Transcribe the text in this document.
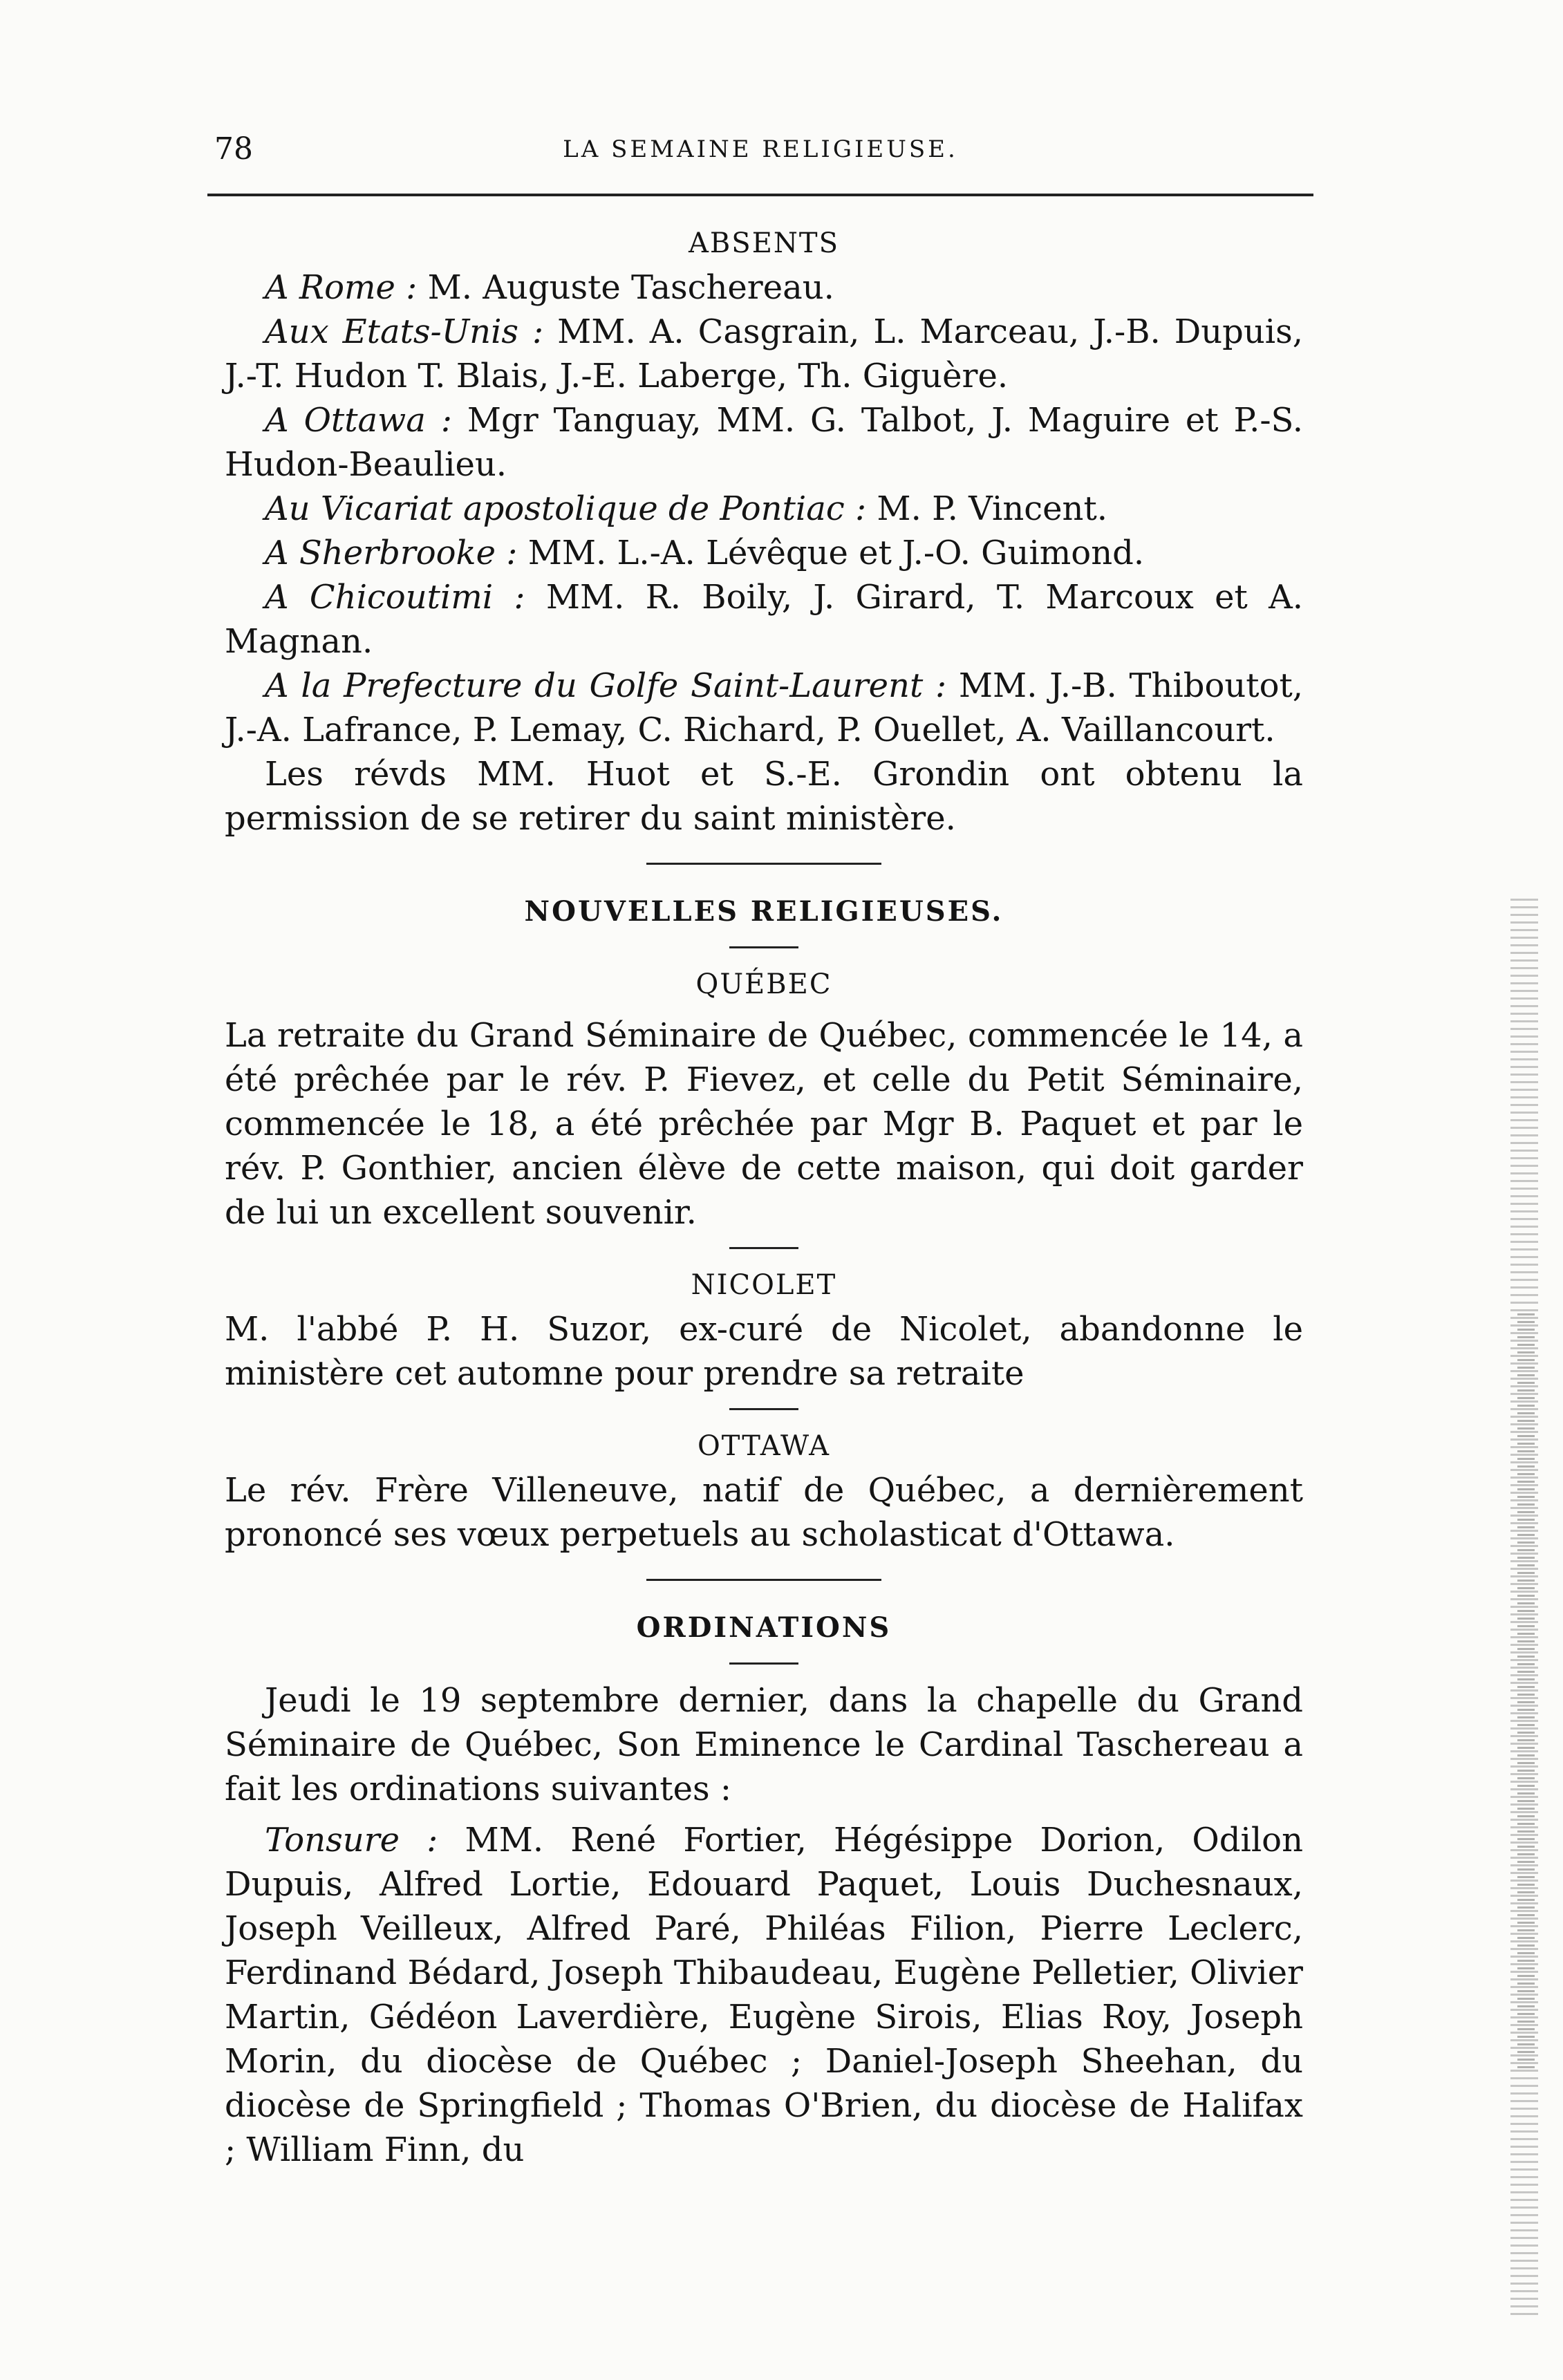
78	LA SEMAINE RELIGIEUSE.

ABSENTS

A Rome : M. Auguste Taschereau.

Aux Etats-Unis : MM. A. Casgrain, L. Marceau, J.-B. Dupuis, J.-T. Hudon T. Blais, J.-E. Laberge, Th. Giguère.

A Ottawa : Mgr Tanguay, MM. G. Talbot, J. Maguire et P.-S. Hudon-Beaulieu.

Au Vicariat apostolique de Pontiac : M. P. Vincent.

A Sherbrooke : MM. L.-A. Lévêque et J.-O. Guimond.

A Chicoutimi : MM. R. Boily, J. Girard, T. Marcoux et A. Magnan.

A la Prefecture du Golfe Saint-Laurent : MM. J.-B. Thiboutot, J.-A. Lafrance, P. Lemay, C. Richard, P. Ouellet, A. Vaillancourt.

Les révds MM. Huot et S.-E. Grondin ont obtenu la permission de se retirer du saint ministère.

NOUVELLES RELIGIEUSES.

QUÉBEC

La retraite du Grand Séminaire de Québec, commencée le 14, a été prêchée par le rév. P. Fievez, et celle du Petit Séminaire, commencée le 18, a été prêchée par Mgr B. Paquet et par le rév. P. Gonthier, ancien élève de cette maison, qui doit garder de lui un excellent souvenir.

NICOLET

M. l'abbé P. H. Suzor, ex-curé de Nicolet, abandonne le ministère cet automne pour prendre sa retraite

OTTAWA

Le rév. Frère Villeneuve, natif de Québec, a dernièrement prononcé ses vœux perpetuels au scholasticat d'Ottawa.

ORDINATIONS

Jeudi le 19 septembre dernier, dans la chapelle du Grand Séminaire de Québec, Son Eminence le Cardinal Taschereau a fait les ordinations suivantes :

Tonsure : MM. René Fortier, Hégésippe Dorion, Odilon Dupuis, Alfred Lortie, Edouard Paquet, Louis Duchesnaux, Joseph Veilleux, Alfred Paré, Philéas Filion, Pierre Leclerc, Ferdinand Bédard, Joseph Thibaudeau, Eugène Pelletier, Olivier Martin, Gédéon Laverdière, Eugène Sirois, Elias Roy, Joseph Morin, du diocèse de Québec ; Daniel-Joseph Sheehan, du diocèse de Springfield ; Thomas O'Brien, du diocèse de Halifax ; William Finn, du
